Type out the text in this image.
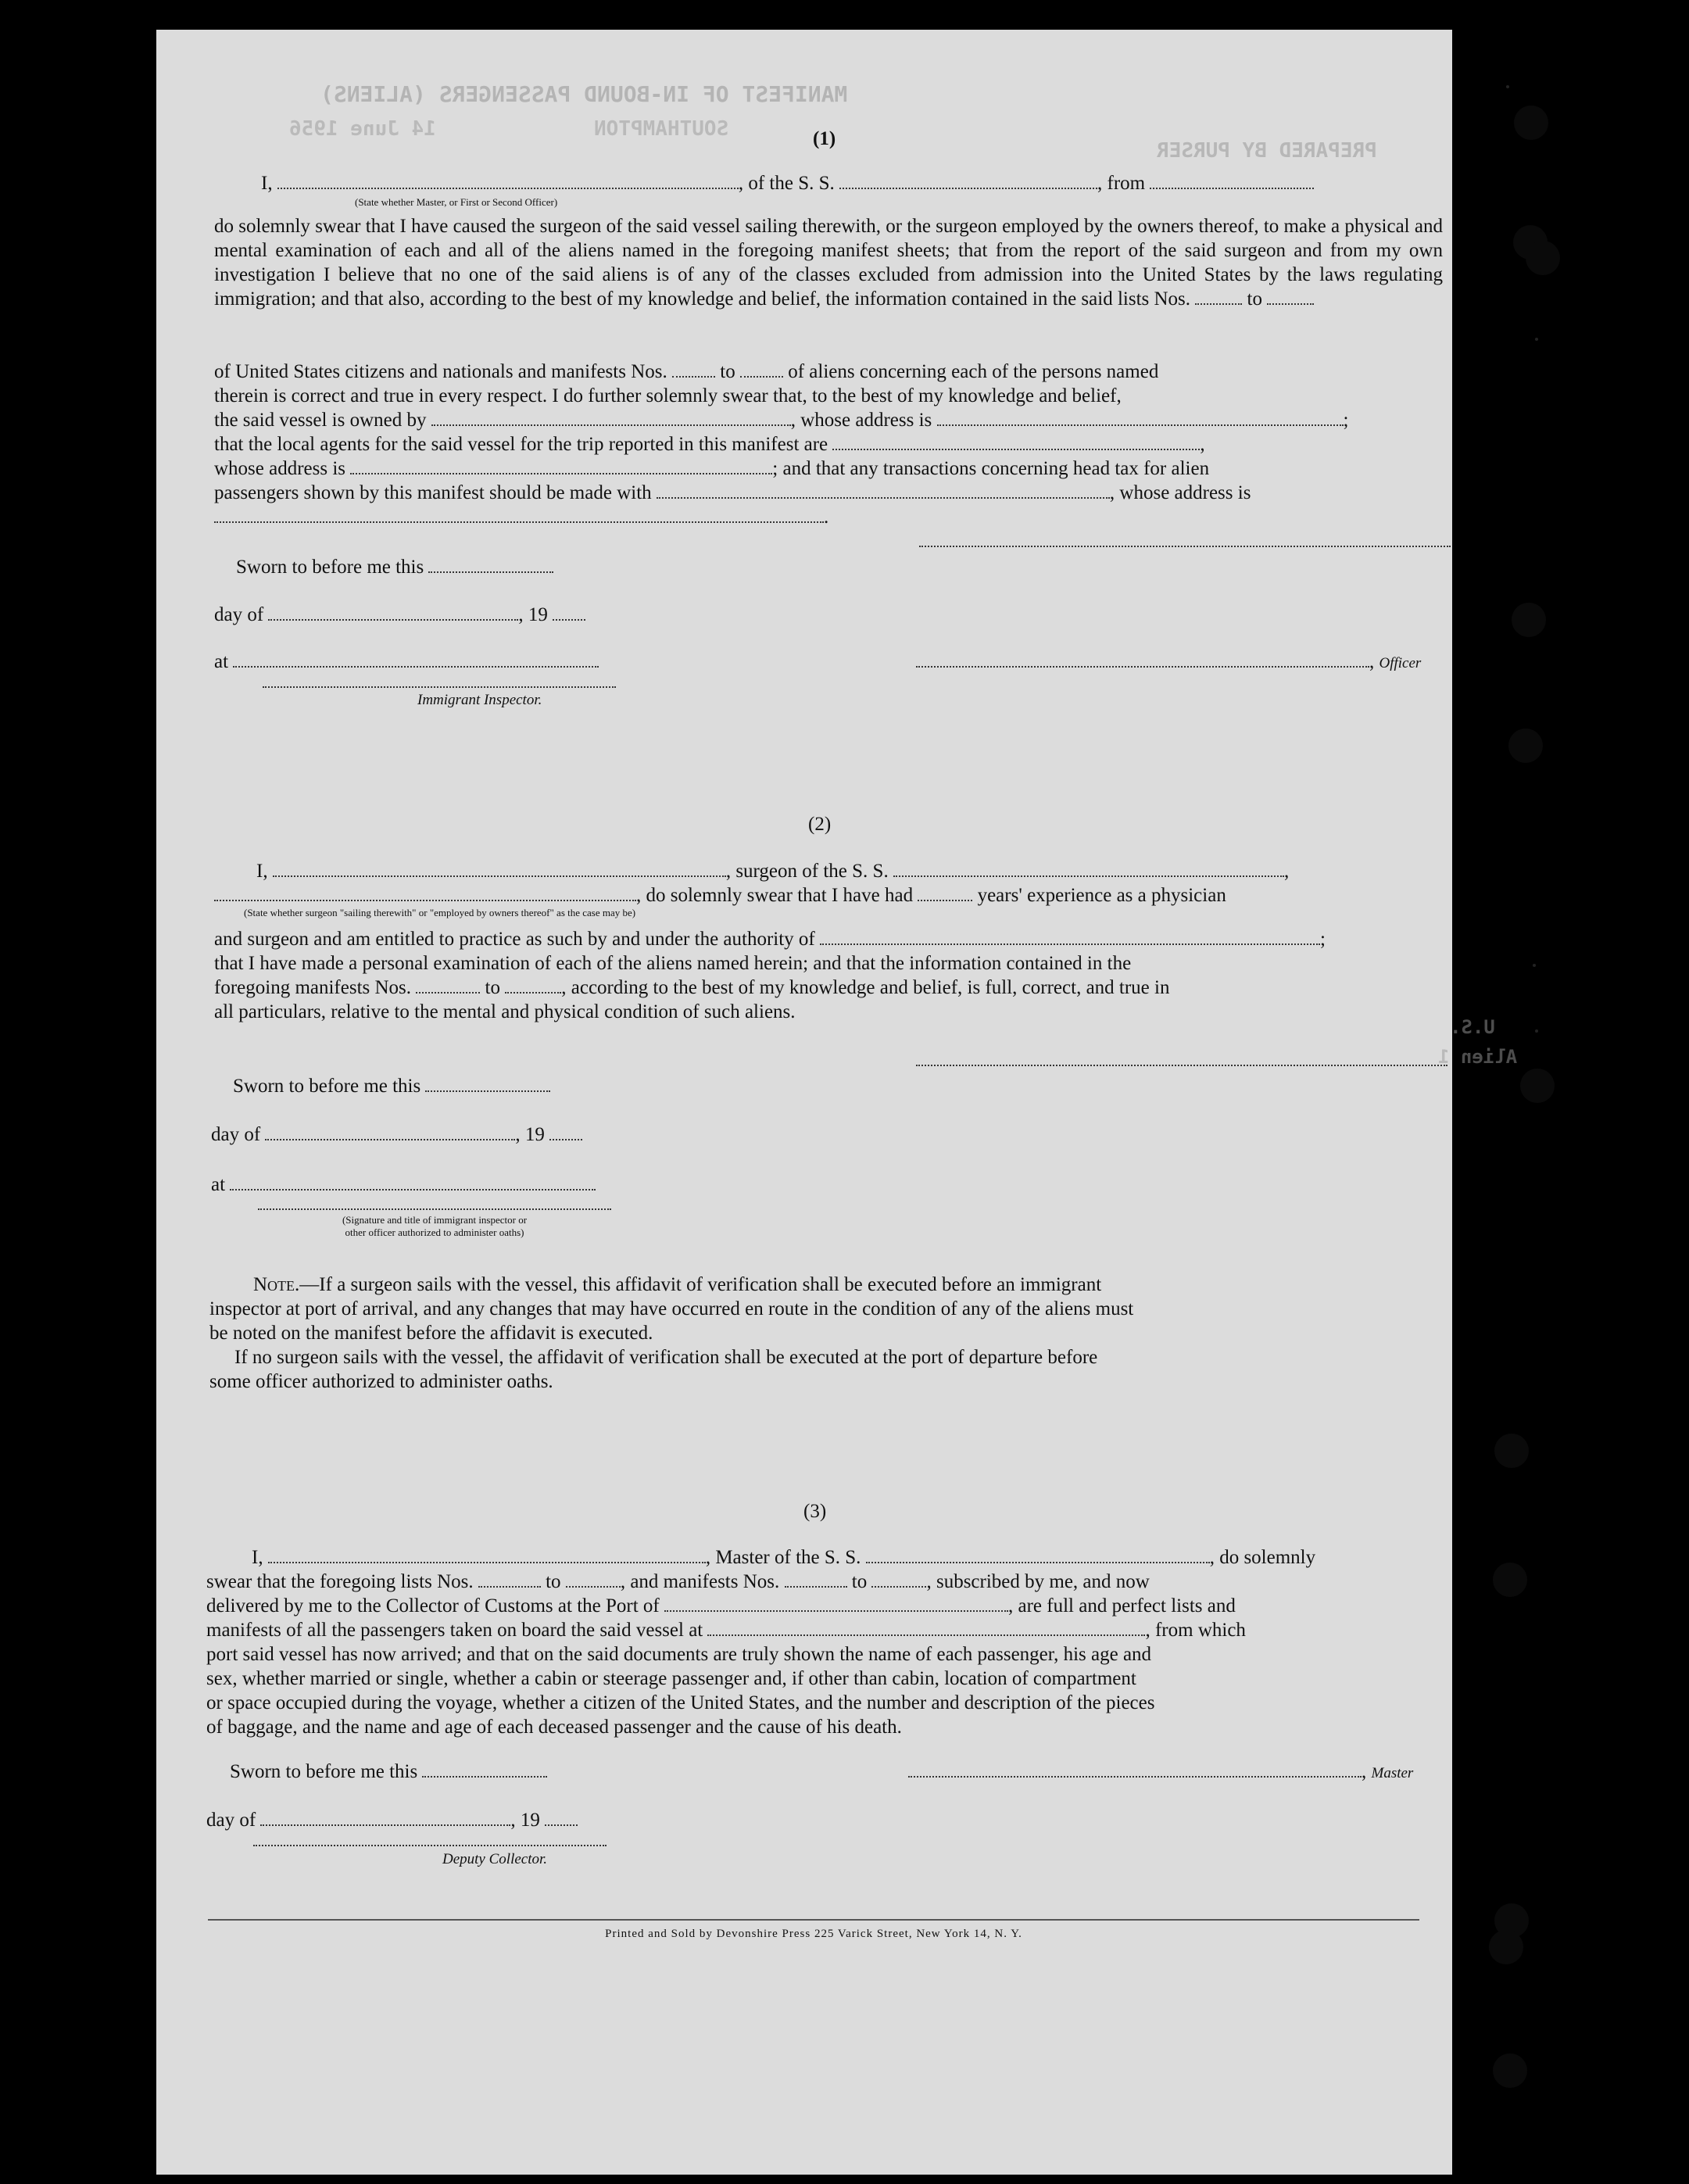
MANIFEST OF IN-BOUND PASSENGERS (ALIENS)
14 June 1956	SOUTHAMPTON
PREPARED BY PURSER
U.S.
Alien 1
(1)
I,	, of the S. S.	, from
(State whether Master, or First or Second Officer)

do solemnly swear that I have caused the surgeon of the said vessel sailing therewith, or the surgeon employed by the owners thereof, to make a physical and mental examination of each and all of the aliens named in the foregoing manifest sheets; that from the report of the said surgeon and from my own investigation I believe that no one of the said aliens is of any of the classes excluded from admission into the United States by the laws regulating immigration; and that also, according to the best of my knowledge and belief, the information contained in the said lists Nos.	to

of United States citizens and nationals and manifests Nos.	to	of aliens concerning each of the persons named
therein is correct and true in every respect. I do further solemnly swear that, to the best of my knowledge and belief,
the said vessel is owned by	, whose address is	;
that the local agents for the said vessel for the trip reported in this manifest are	,
whose address is	; and that any transactions concerning head tax for alien
passengers shown by this manifest should be made with	, whose address is
.
Sworn to before me this
day of	, 19
at	, Officer
Immigrant Inspector.
(2)
I,	, surgeon of the S. S.	,
, do solemnly swear that I have had	years' experience as a physician
(State whether surgeon "sailing therewith" or "employed by owners thereof" as the case may be)
and surgeon and am entitled to practice as such by and under the authority of	;
that I have made a personal examination of each of the aliens named herein; and that the information contained in the
foregoing manifests Nos.	to	, according to the best of my knowledge and belief, is full, correct, and true in
all particulars, relative to the mental and physical condition of such aliens.
Sworn to before me this
day of	, 19
at
(Signature and title of immigrant inspector or
other officer authorized to administer oaths)
Note.—If a surgeon sails with the vessel, this affidavit of verification shall be executed before an immigrant
inspector at port of arrival, and any changes that may have occurred en route in the condition of any of the aliens must
be noted on the manifest before the affidavit is executed.
If no surgeon sails with the vessel, the affidavit of verification shall be executed at the port of departure before
some officer authorized to administer oaths.
(3)
I,	, Master of the S. S.	, do solemnly
swear that the foregoing lists Nos.	to	, and manifests Nos.	to	, subscribed by me, and now
delivered by me to the Collector of Customs at the Port of	, are full and perfect lists and
manifests of all the passengers taken on board the said vessel at	, from which
port said vessel has now arrived; and that on the said documents are truly shown the name of each passenger, his age and
sex, whether married or single, whether a cabin or steerage passenger and, if other than cabin, location of compartment
or space occupied during the voyage, whether a citizen of the United States, and the number and description of the pieces
of baggage, and the name and age of each deceased passenger and the cause of his death.
Sworn to before me this	, Master
day of	, 19
Deputy Collector.
Printed and Sold by Devonshire Press 225 Varick Street, New York 14, N. Y.
